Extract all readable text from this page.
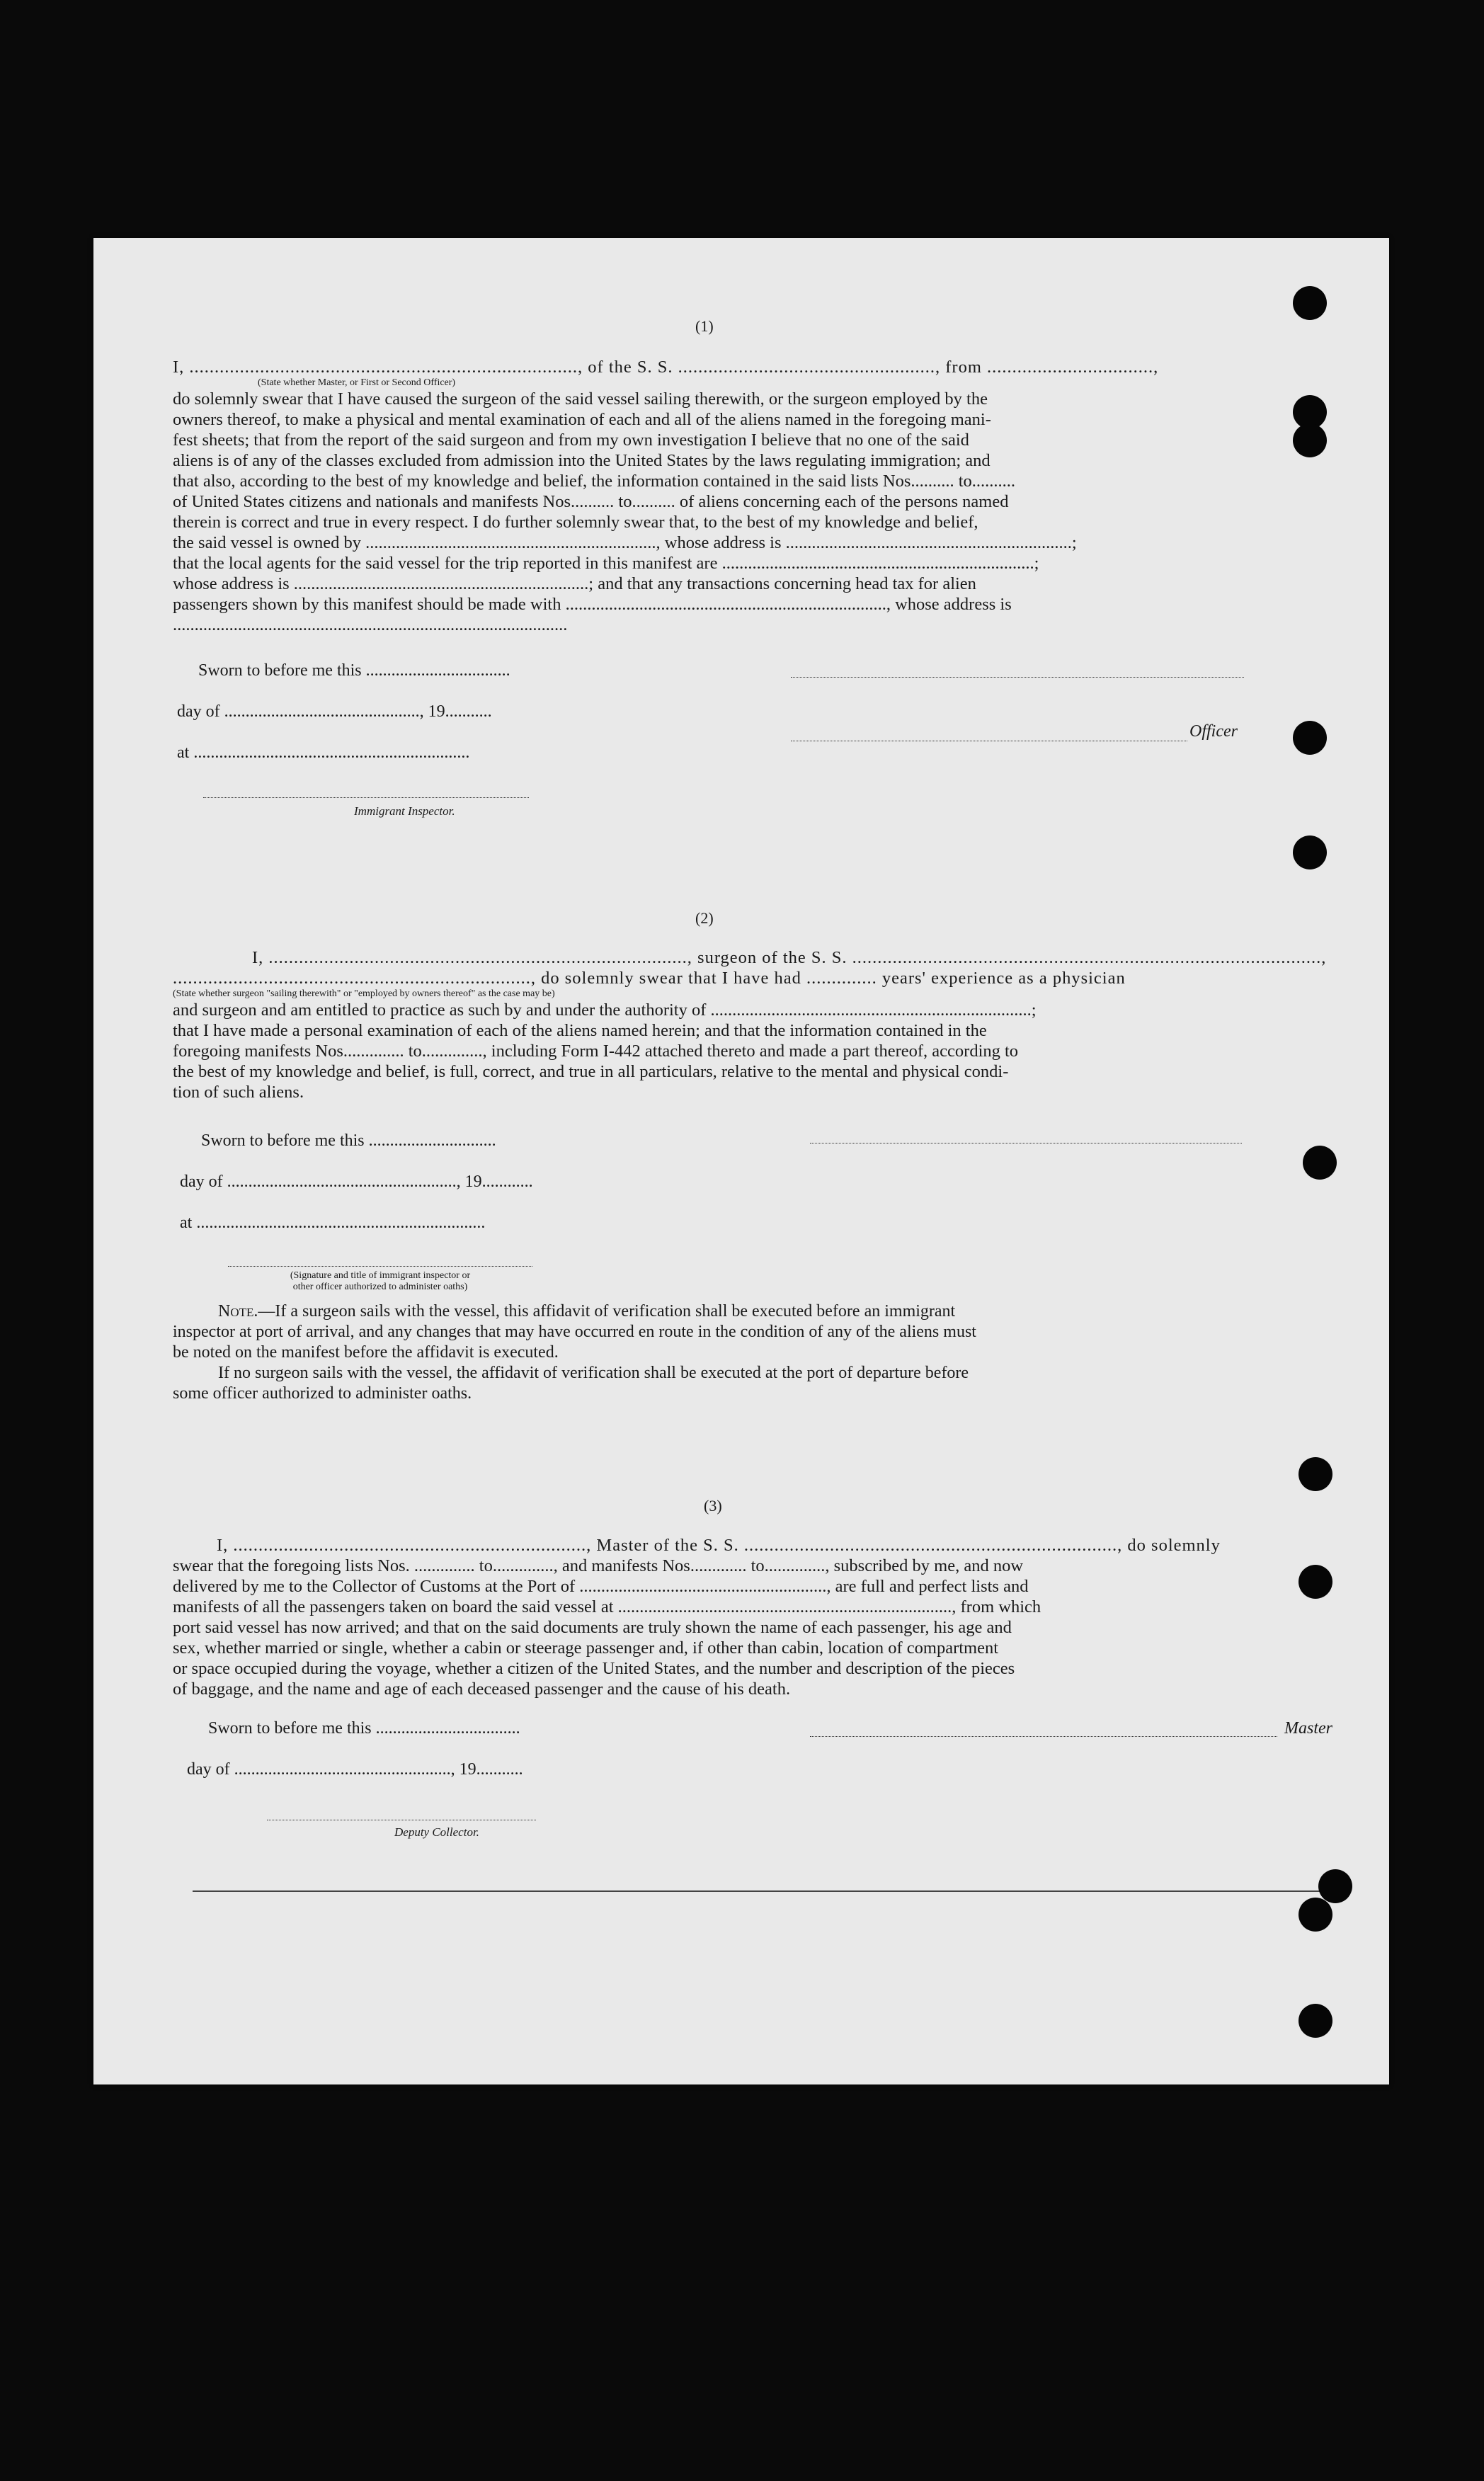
(1)
I, ............................................................................., of the S. S. ..................................................., from .................................,
(State whether Master, or First or Second Officer)
do solemnly swear that I have caused the surgeon of the said vessel sailing therewith, or the surgeon employed by the
owners thereof, to make a physical and mental examination of each and all of the aliens named in the foregoing mani-
fest sheets; that from the report of the said surgeon and from my own investigation I believe that no one of the said
aliens is of any of the classes excluded from admission into the United States by the laws regulating immigration; and
that also, according to the best of my knowledge and belief, the information contained in the said lists Nos.......... to..........
of United States citizens and nationals and manifests Nos.......... to.......... of aliens concerning each of the persons named
therein is correct and true in every respect. I do further solemnly swear that, to the best of my knowledge and belief,
the said vessel is owned by ..................................................................., whose address is ..................................................................;
that the local agents for the said vessel for the trip reported in this manifest are ........................................................................;
whose address is ....................................................................; and that any transactions concerning head tax for alien
passengers shown by this manifest should be made with .........................................................................., whose address is
...........................................................................................
Sworn to before me this ..................................
day of .............................................., 19...........
Officer
at .................................................................
Immigrant Inspector.
(2)
I, ..................................................................................., surgeon of the S. S. .............................................................................................,
......................................................................., do solemnly swear that I have had .............. years' experience as a physician
(State whether surgeon "sailing therewith" or "employed by owners thereof" as the case may be)
and surgeon and am entitled to practice as such by and under the authority of ..........................................................................;
that I have made a personal examination of each of the aliens named herein; and that the information contained in the
foregoing manifests Nos.............. to.............., including Form I-442 attached thereto and made a part thereof, according to
the best of my knowledge and belief, is full, correct, and true in all particulars, relative to the mental and physical condi-
tion of such aliens.
Sworn to before me this ..............................
day of ......................................................, 19............
at ....................................................................
(Signature and title of immigrant inspector or
other officer authorized to administer oaths)
Note.—If a surgeon sails with the vessel, this affidavit of verification shall be executed before an immigrant
inspector at port of arrival, and any changes that may have occurred en route in the condition of any of the aliens must
be noted on the manifest before the affidavit is executed.
If no surgeon sails with the vessel, the affidavit of verification shall be executed at the port of departure before
some officer authorized to administer oaths.
(3)
I, ......................................................................, Master of the S. S. .........................................................................., do solemnly
swear that the foregoing lists Nos. .............. to.............., and manifests Nos............. to.............., subscribed by me, and now
delivered by me to the Collector of Customs at the Port of ........................................................., are full and perfect lists and
manifests of all the passengers taken on board the said vessel at ............................................................................., from which
port said vessel has now arrived; and that on the said documents are truly shown the name of each passenger, his age and
sex, whether married or single, whether a cabin or steerage passenger and, if other than cabin, location of compartment
or space occupied during the voyage, whether a citizen of the United States, and the number and description of the pieces
of baggage, and the name and age of each deceased passenger and the cause of his death.
Sworn to before me this ..................................	Master
day of ..................................................., 19...........
Deputy Collector.
